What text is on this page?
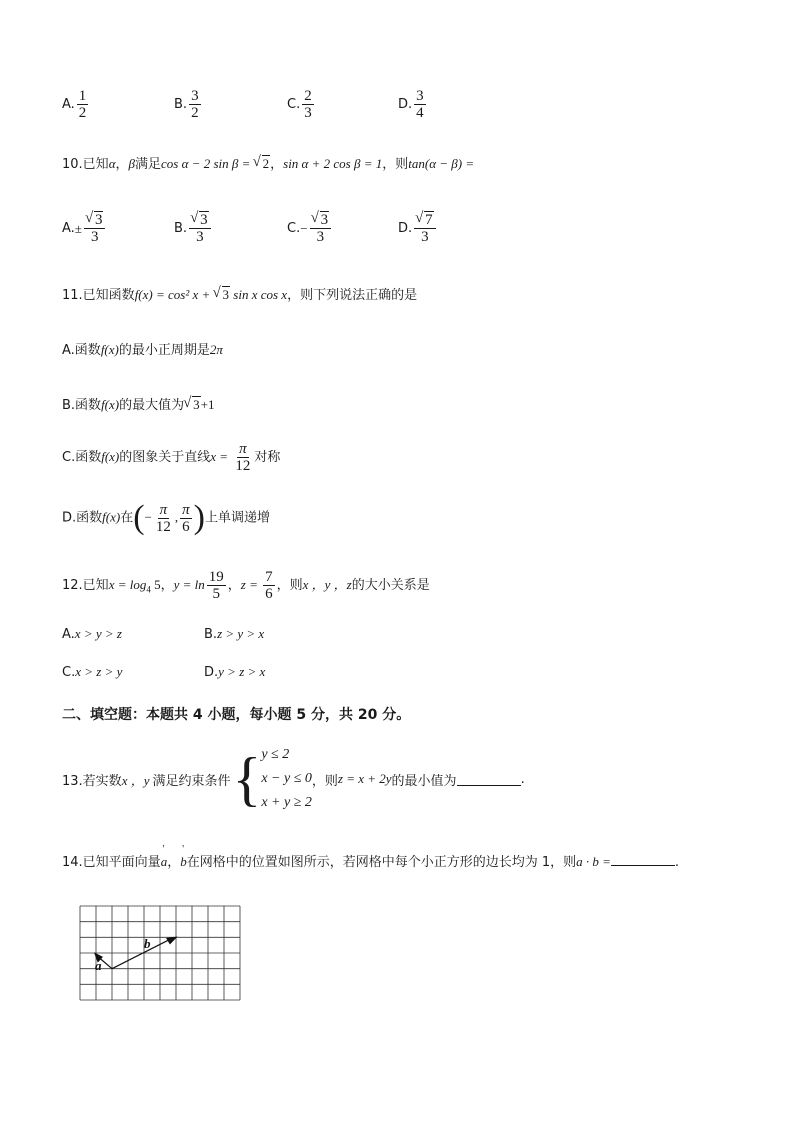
A. $\frac{1}{2}$	B. $\frac{3}{2}$	C. $\frac{2}{3}$	D. $\frac{3}{4}$
10.已知α，β满足cos α − 2 sin β = √ 2，sin α + 2 cos β = 1，则tan(α − β) =
A. ± √ $\frac{3}{3}$	B. √ $\frac{3}{3}$	C. − √ $\frac{3}{3}$	D. √ $\frac{7}{3}$
11.已知函数f(x) = cos² x + √ 3 sin x cos x，则下列说法正确的是
A.函数f(x)的最小正周期是2π
B.函数f(x)的最大值为 √ 3+1
C.函数f(x)的图象关于直线$x = \frac{\pi}{12}$ 对称
D.函数f(x)在(− $\frac{\pi}{12}$ , $\frac{\pi}{6}$ )上单调递增
12.已知$x = \log_4 5$，$y = \ln \frac{19}{5}$ ，$z = \frac{7}{6}$ ，则x ，y ，z的大小关系是
A.x > y > z	B.z > y > x
C.x > z > y	D.y > z > x
二、填空题：本题共 4 小题，每小题 5 分，共 20 分。
13.若实数 x ，y 满足约束条件 { y ≤ 2
x − y ≤ 0
x + y ≥ 2
，则 z = x + 2y 的最小值为	.
14.已知平面向量a '，b '在网格中的位置如图所示，若网格中每个小正方形的边长均为 1，则a · b =	.
b
a
